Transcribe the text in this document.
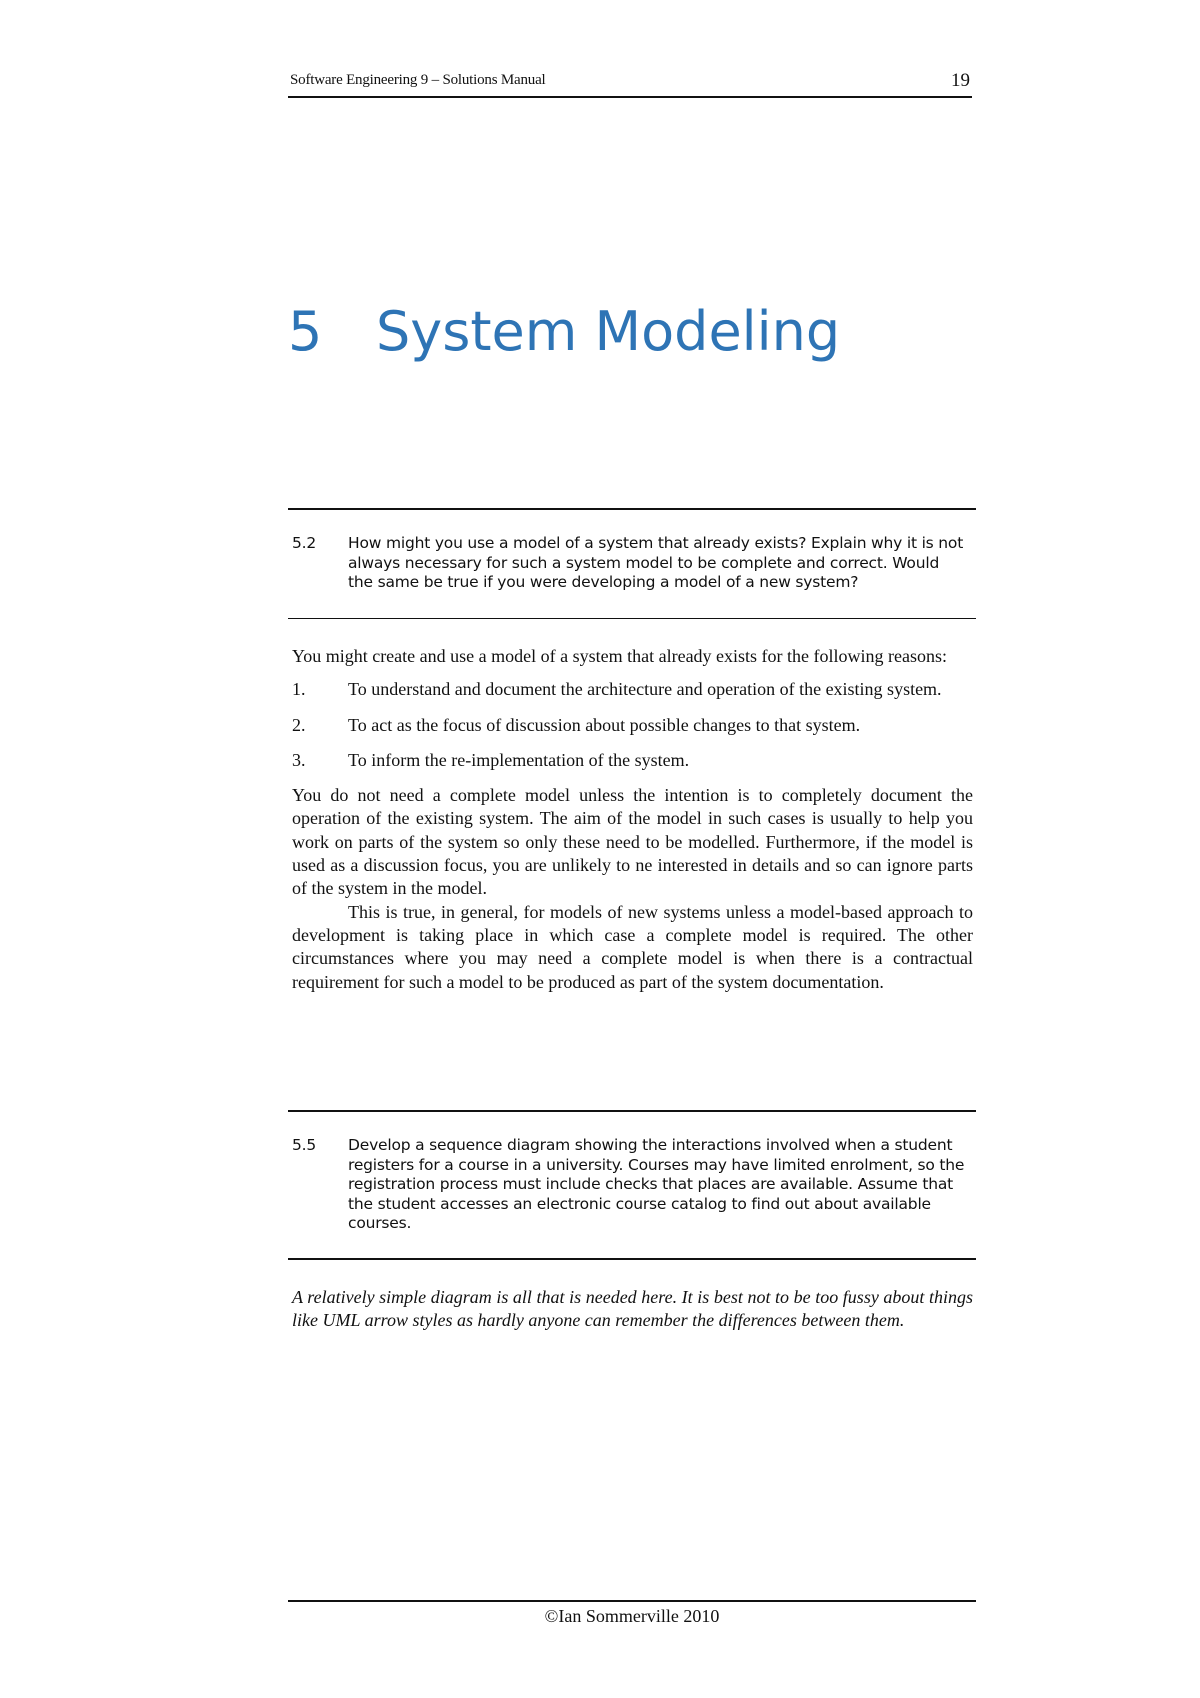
Software Engineering 9 – Solutions Manual	19
5 System Modeling
5.2 How might you use a model of a system that already exists? Explain why it is not always necessary for such a system model to be complete and correct. Would the same be true if you were developing a model of a new system?

You might create and use a model of a system that already exists for the following reasons:

1. To understand and document the architecture and operation of the existing system.
2. To act as the focus of discussion about possible changes to that system.
3. To inform the re-implementation of the system.

You do not need a complete model unless the intention is to completely document the operation of the existing system. The aim of the model in such cases is usually to help you work on parts of the system so only these need to be modelled. Furthermore, if the model is used as a discussion focus, you are unlikely to ne interested in details and so can ignore parts of the system in the model.

This is true, in general, for models of new systems unless a model-based approach to development is taking place in which case a complete model is required. The other circumstances where you may need a complete model is when there is a contractual requirement for such a model to be produced as part of the system documentation.

5.5 Develop a sequence diagram showing the interactions involved when a student registers for a course in a university. Courses may have limited enrolment, so the registration process must include checks that places are available. Assume that the student accesses an electronic course catalog to find out about available courses.
A relatively simple diagram is all that is needed here. It is best not to be too fussy about things like UML arrow styles as hardly anyone can remember the differences between them.
©Ian Sommerville 2010
